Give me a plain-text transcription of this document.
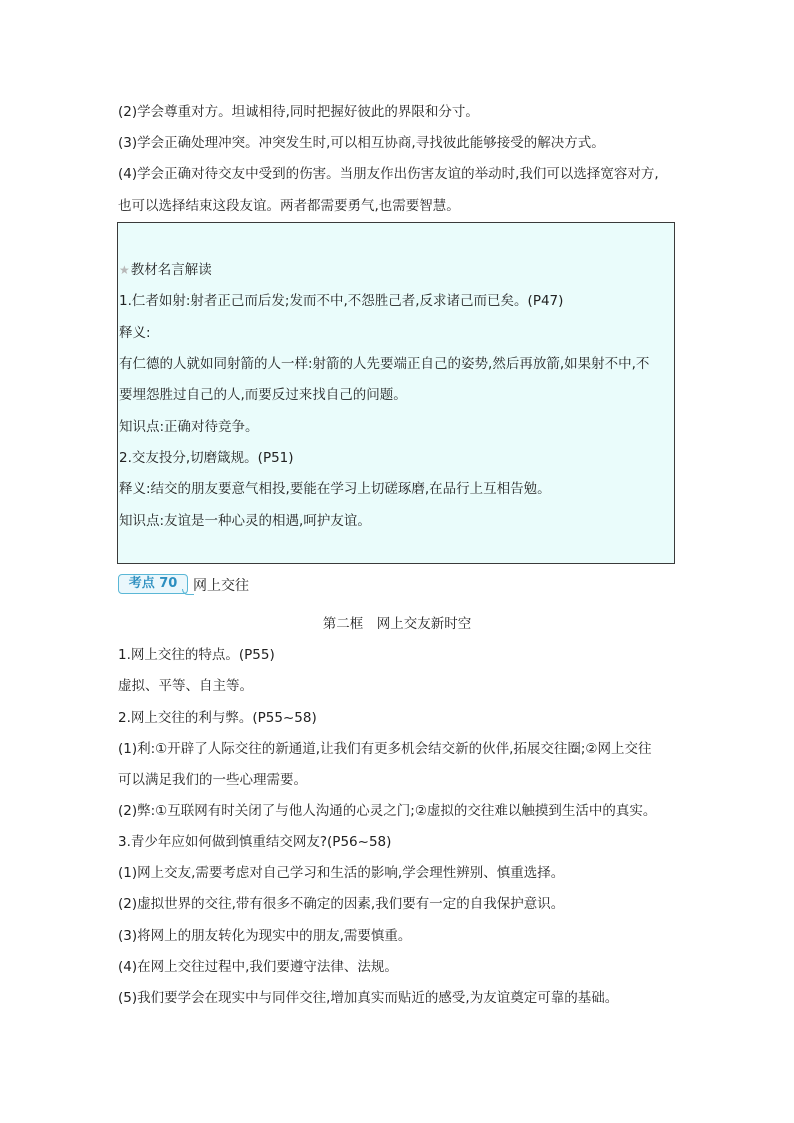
(2)学会尊重对方。坦诚相待,同时把握好彼此的界限和分寸。
(3)学会正确处理冲突。冲突发生时,可以相互协商,寻找彼此能够接受的解决方式。
(4)学会正确对待交友中受到的伤害。当朋友作出伤害友谊的举动时,我们可以选择宽容对方,
也可以选择结束这段友谊。两者都需要勇气,也需要智慧。
★教材名言解读
1.仁者如射:射者正己而后发;发而不中,不怨胜己者,反求诸己而已矣。(P47)
释义:
有仁德的人就如同射箭的人一样:射箭的人先要端正自己的姿势,然后再放箭,如果射不中,不
要埋怨胜过自己的人,而要反过来找自己的问题。
知识点:正确对待竞争。
2.交友投分,切磨箴规。(P51)
释义:结交的朋友要意气相投,要能在学习上切磋琢磨,在品行上互相告勉。
知识点:友谊是一种心灵的相遇,呵护友谊。
考点 70	网上交往
第二框　网上交友新时空
1.网上交往的特点。(P55)
虚拟、平等、自主等。
2.网上交往的利与弊。(P55~58)
(1)利:①开辟了人际交往的新通道,让我们有更多机会结交新的伙伴,拓展交往圈;②网上交往
可以满足我们的一些心理需要。
(2)弊:①互联网有时关闭了与他人沟通的心灵之门;②虚拟的交往难以触摸到生活中的真实。
3.青少年应如何做到慎重结交网友?(P56~58)
(1)网上交友,需要考虑对自己学习和生活的影响,学会理性辨别、慎重选择。
(2)虚拟世界的交往,带有很多不确定的因素,我们要有一定的自我保护意识。
(3)将网上的朋友转化为现实中的朋友,需要慎重。
(4)在网上交往过程中,我们要遵守法律、法规。
(5)我们要学会在现实中与同伴交往,增加真实而贴近的感受,为友谊奠定可靠的基础。
